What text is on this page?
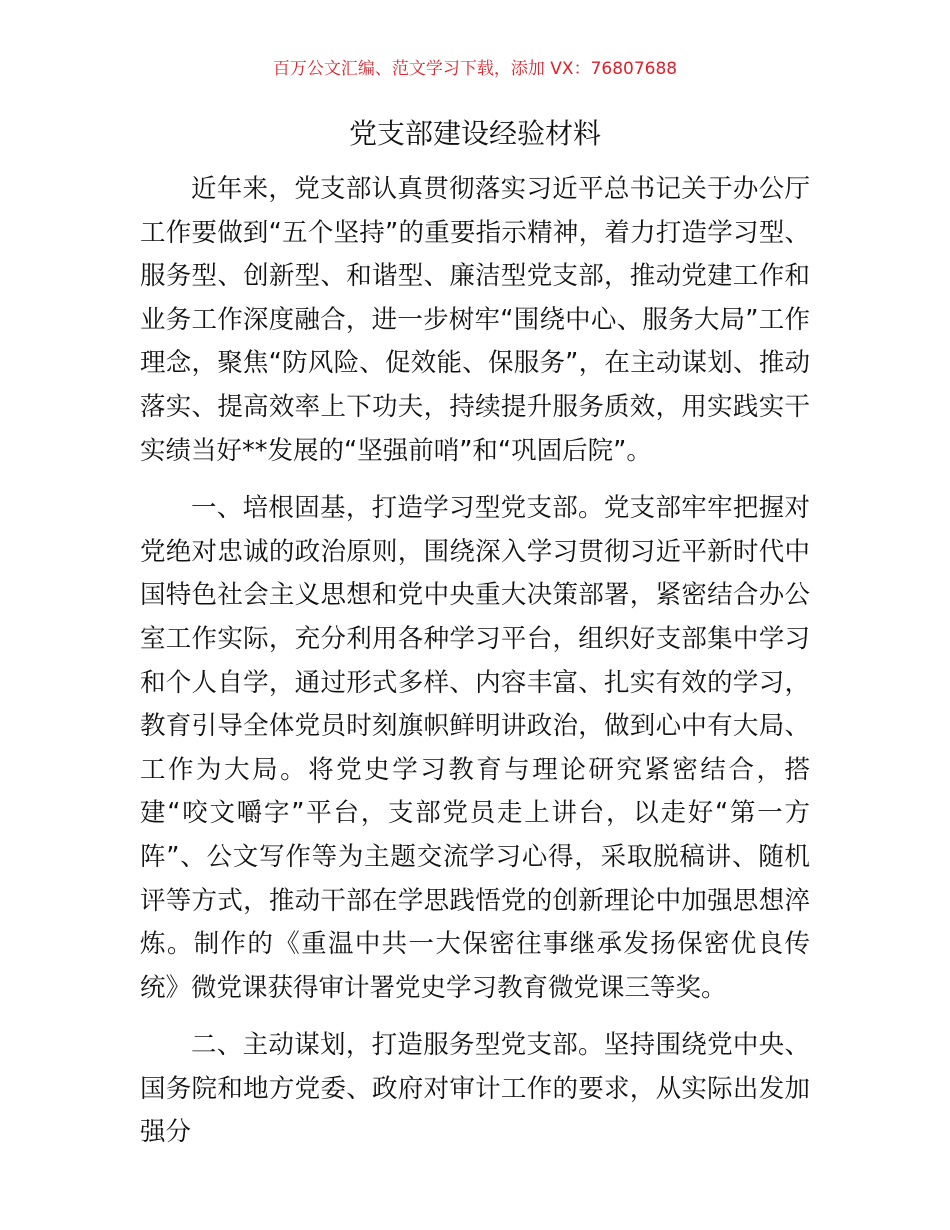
百万公文汇编、范文学习下载，添加 VX：76807688
党支部建设经验材料

近年来，党支部认真贯彻落实习近平总书记关于办公厅工作要做到“五个坚持”的重要指示精神，着力打造学习型、服务型、创新型、和谐型、廉洁型党支部，推动党建工作和业务工作深度融合，进一步树牢“围绕中心、服务大局”工作理念，聚焦“防风险、促效能、保服务”，在主动谋划、推动落实、提高效率上下功夫，持续提升服务质效，用实践实干实绩当好**发展的“坚强前哨”和“巩固后院”。

一、培根固基，打造学习型党支部。党支部牢牢把握对党绝对忠诚的政治原则，围绕深入学习贯彻习近平新时代中国特色社会主义思想和党中央重大决策部署，紧密结合办公室工作实际，充分利用各种学习平台，组织好支部集中学习和个人自学，通过形式多样、内容丰富、扎实有效的学习，教育引导全体党员时刻旗帜鲜明讲政治，做到心中有大局、工作为大局。将党史学习教育与理论研究紧密结合，搭建“咬文嚼字”平台，支部党员走上讲台，以走好“第一方阵”、公文写作等为主题交流学习心得，采取脱稿讲、随机评等方式，推动干部在学思践悟党的创新理论中加强思想淬炼。制作的《重温中共一大保密往事继承发扬保密优良传统》微党课获得审计署党史学习教育微党课三等奖。

二、主动谋划，打造服务型党支部。坚持围绕党中央、国务院和地方党委、政府对审计工作的要求，从实际出发加强分
